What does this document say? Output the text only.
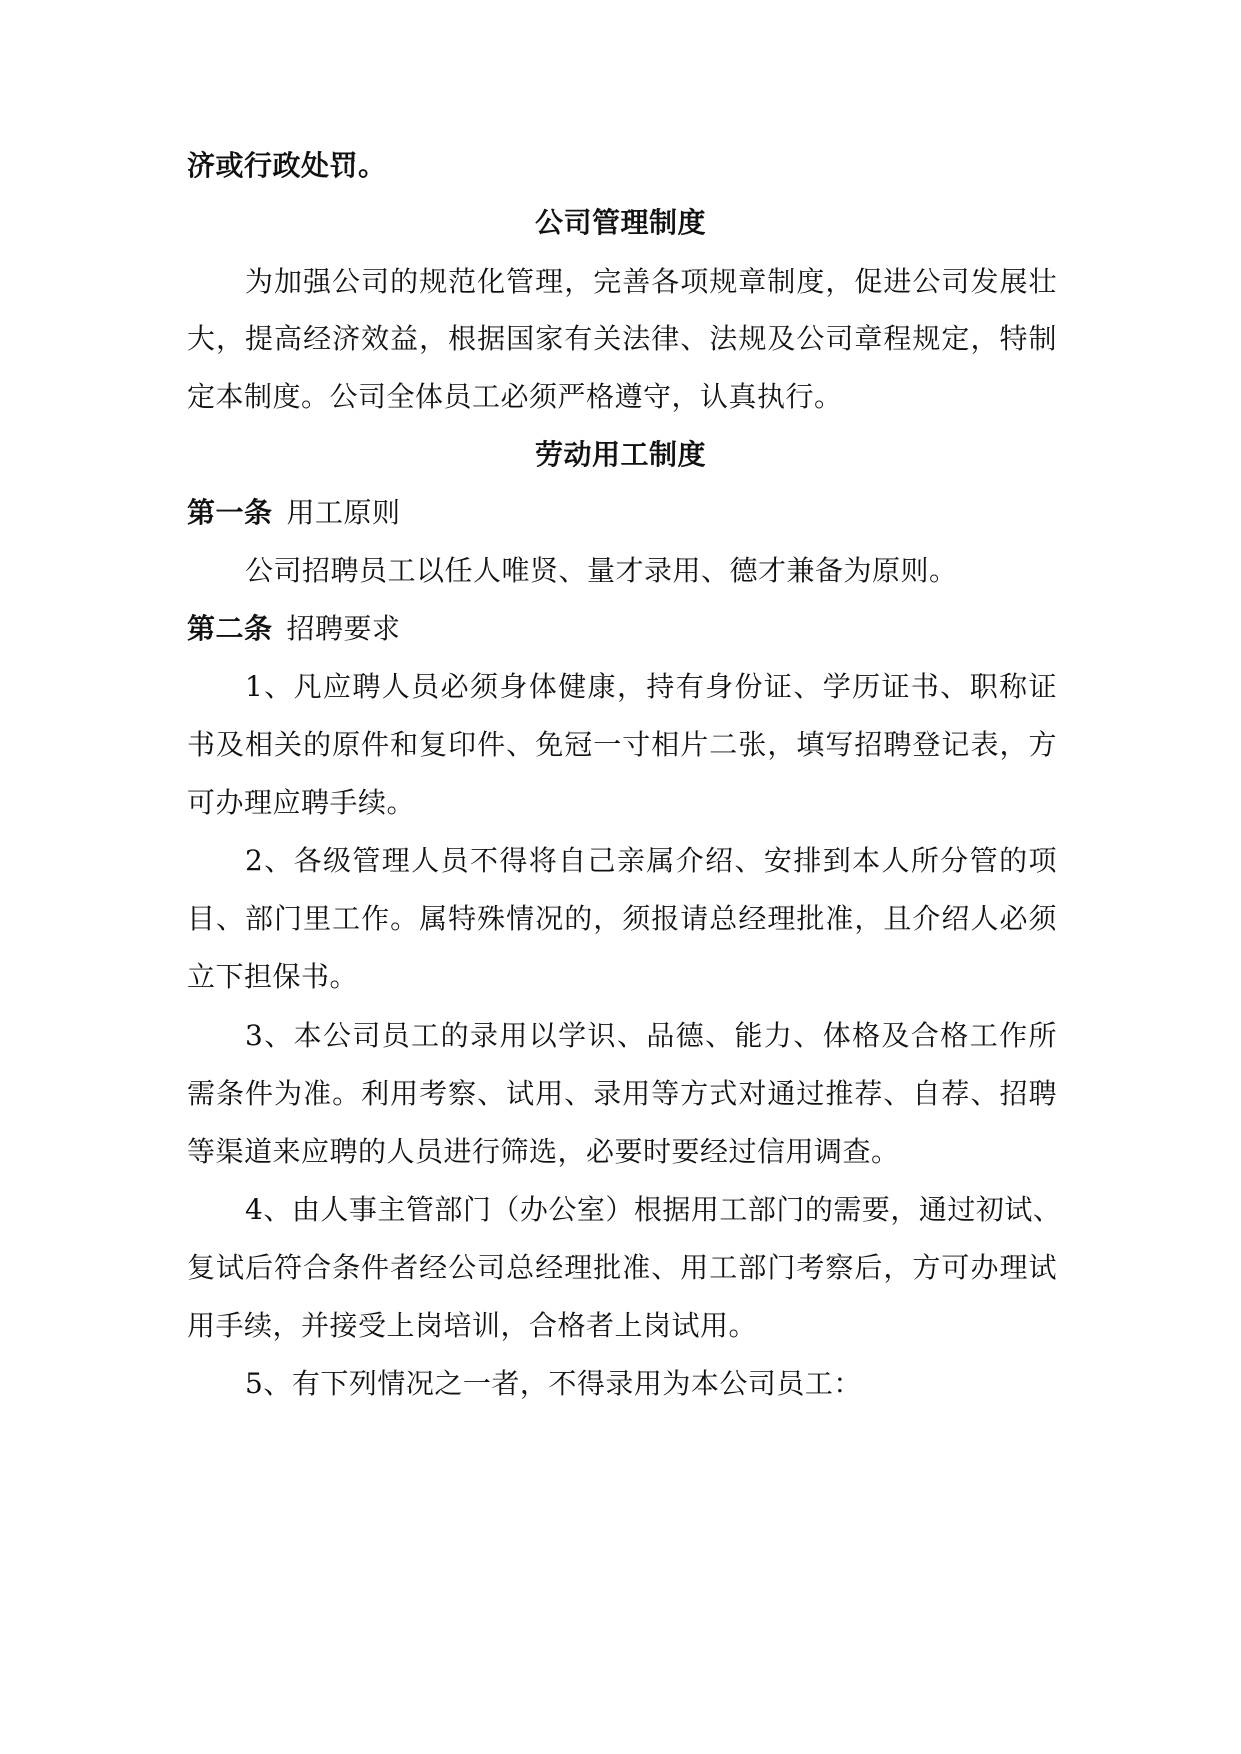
济或行政处罚。
公司管理制度
为加强公司的规范化管理，完善各项规章制度，促进公司发展壮
大，提高经济效益，根据国家有关法律、法规及公司章程规定，特制
定本制度。公司全体员工必须严格遵守，认真执行。
劳动用工制度
第一条 用工原则
公司招聘员工以任人唯贤、量才录用、德才兼备为原则。
第二条 招聘要求
1、凡应聘人员必须身体健康，持有身份证、学历证书、职称证
书及相关的原件和复印件、免冠一寸相片二张，填写招聘登记表，方
可办理应聘手续。
2、各级管理人员不得将自己亲属介绍、安排到本人所分管的项
目、部门里工作。属特殊情况的，须报请总经理批准，且介绍人必须
立下担保书。
3、本公司员工的录用以学识、品德、能力、体格及合格工作所
需条件为准。利用考察、试用、录用等方式对通过推荐、自荐、招聘
等渠道来应聘的人员进行筛选，必要时要经过信用调查。
4、由人事主管部门（办公室）根据用工部门的需要，通过初试、
复试后符合条件者经公司总经理批准、用工部门考察后，方可办理试
用手续，并接受上岗培训，合格者上岗试用。
5、有下列情况之一者，不得录用为本公司员工：
